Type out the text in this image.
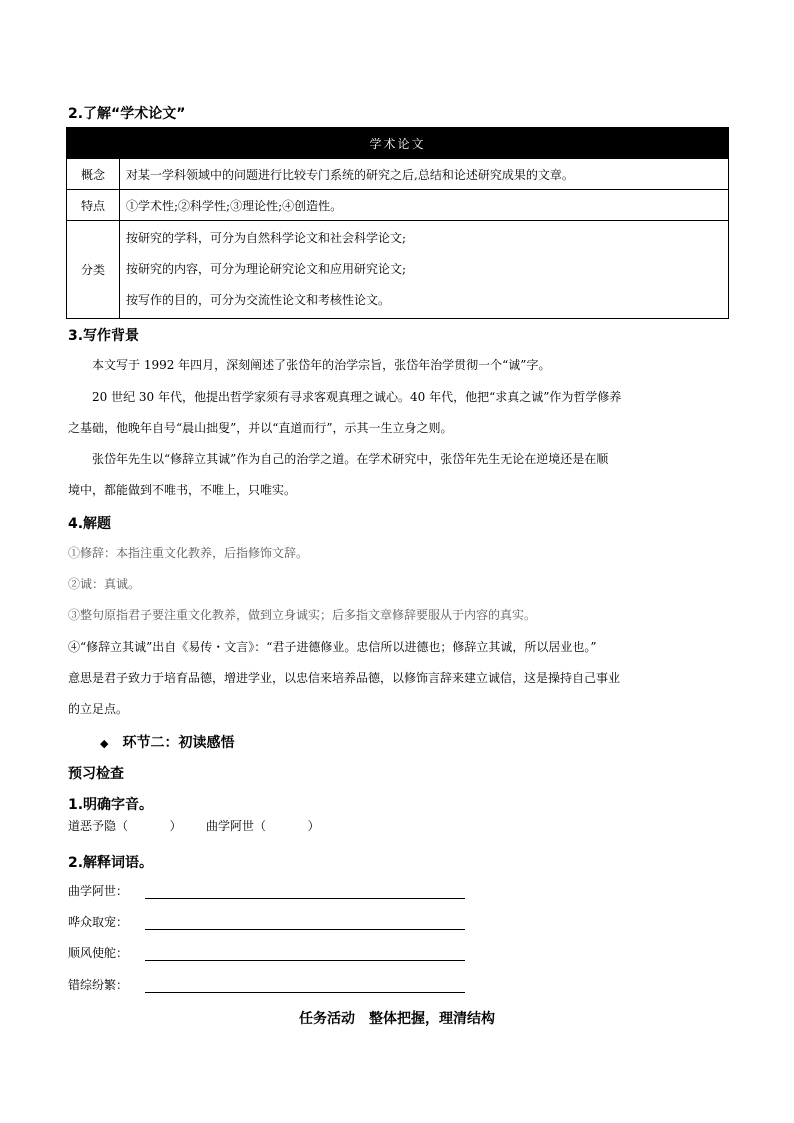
2.了解“学术论文”
学术论文	
概念	对某一学科领域中的问题进行比较专门系统的研究之后,总结和论述研究成果的文章。
特点	①学术性;②科学性;③理论性;④创造性。
分类	按研究的学科，可分为自然科学论文和社会科学论文;
按研究的内容，可分为理论研究论文和应用研究论文;
按写作的目的，可分为交流性论文和考核性论文。
3.写作背景
本文写于 1992 年四月，深刻阐述了张岱年的治学宗旨，张岱年治学贯彻一个“诚”字。
20 世纪 30 年代，他提出哲学家须有寻求客观真理之诚心。40 年代，他把“求真之诚”作为哲学修养
之基础，他晚年自号“晨山拙叟”，并以“直道而行”，示其一生立身之则。
张岱年先生以“修辞立其诚”作为自己的治学之道。在学术研究中，张岱年先生无论在逆境还是在顺
境中，都能做到不唯书，不唯上，只唯实。
4.解题
①修辞：本指注重文化教养，后指修饰文辞。
②诚：真诚。
③整句原指君子要注重文化教养，做到立身诚实；后多指文章修辞要服从于内容的真实。
④“修辞立其诚”出自《易传・文言》：“君子进德修业。忠信所以进德也；修辞立其诚，所以居业也。”
意思是君子致力于培育品德，增进学业，以忠信来培养品德，以修饰言辞来建立诚信，这是操持自己事业
的立足点。
◆ 环节二：初读感悟
预习检查
1.明确字音。
道恶予隐（	） 曲学阿世（	）
2.解释词语。
曲学阿世：
哗众取宠：
顺风使舵：
错综纷繁：
任务活动　整体把握，理清结构
